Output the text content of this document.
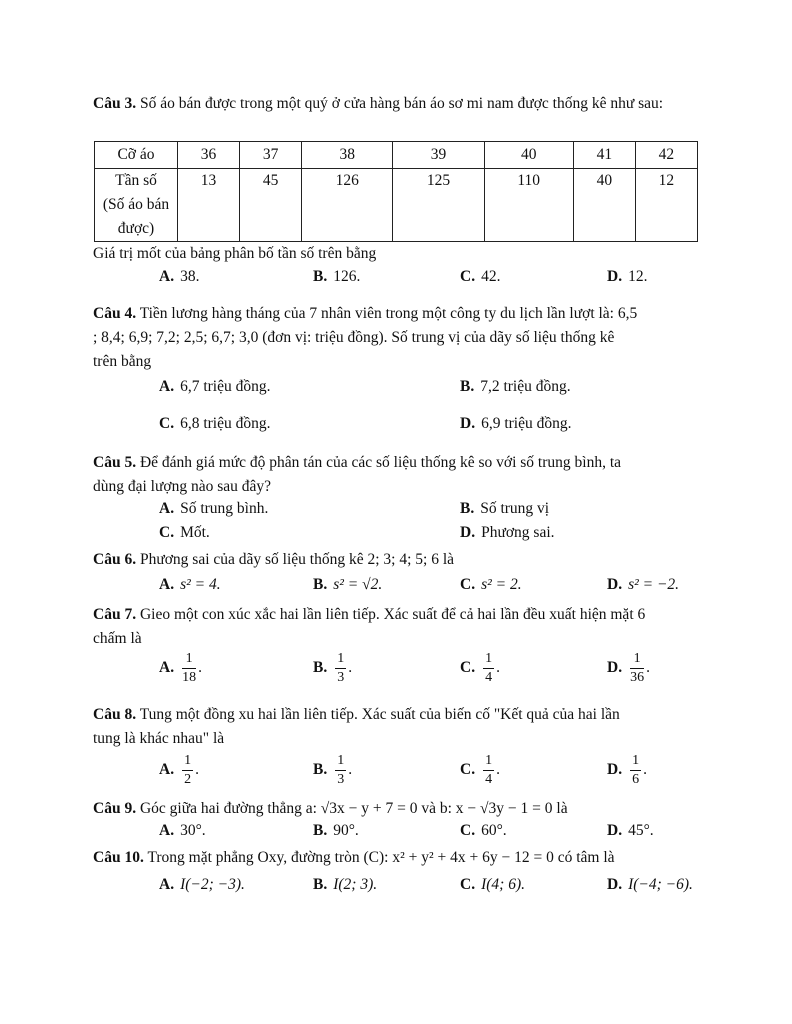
Câu 3. Số áo bán được trong một quý ở cửa hàng bán áo sơ mi nam được thống kê như sau:
Cỡ áo	36	37	38	39	40	41	42

Tần số
(Số áo bán
được)	13	45	126	125	110	40	12
Giá trị mốt của bảng phân bố tần số trên bằng
A. 38.	B. 126.	C. 42.	D. 12.
Câu 4. Tiền lương hàng tháng của 7 nhân viên trong một công ty du lịch lần lượt là: 6,5
; 8,4; 6,9; 7,2; 2,5; 6,7; 3,0 (đơn vị: triệu đồng). Số trung vị của dãy số liệu thống kê
trên bằng
A. 6,7 triệu đồng.	B. 7,2 triệu đồng.
C. 6,8 triệu đồng.	D. 6,9 triệu đồng.
Câu 5. Để đánh giá mức độ phân tán của các số liệu thống kê so với số trung bình, ta
dùng đại lượng nào sau đây?
A. Số trung bình.	B. Số trung vị
C. Mốt.	D. Phương sai.
Câu 6. Phương sai của dãy số liệu thống kê 2; 3; 4; 5; 6 là
A. s² = 4.	B. s² = √2.	C. s² = 2.	D. s² = −2.
Câu 7. Gieo một con xúc xắc hai lần liên tiếp. Xác suất để cả hai lần đều xuất hiện mặt 6
chấm là
A. $\frac{1}{18}$ .	B. $\frac{1}{3}$ .	C. $\frac{1}{4}$ .	D. $\frac{1}{36}$ .
Câu 8. Tung một đồng xu hai lần liên tiếp. Xác suất của biến cố "Kết quả của hai lần
tung là khác nhau" là
A. $\frac{1}{2}$ .	B. $\frac{1}{3}$ .	C. $\frac{1}{4}$ .	D. $\frac{1}{6}$ .
Câu 9. Góc giữa hai đường thẳng a: √3x − y + 7 = 0 và b: x − √3y − 1 = 0 là
A. 30°.	B. 90°.	C. 60°.	D. 45°.
Câu 10. Trong mặt phẳng Oxy, đường tròn (C): x² + y² + 4x + 6y − 12 = 0 có tâm là
A. I(−2; −3).	B. I(2; 3).	C. I(4; 6).	D. I(−4; −6).
